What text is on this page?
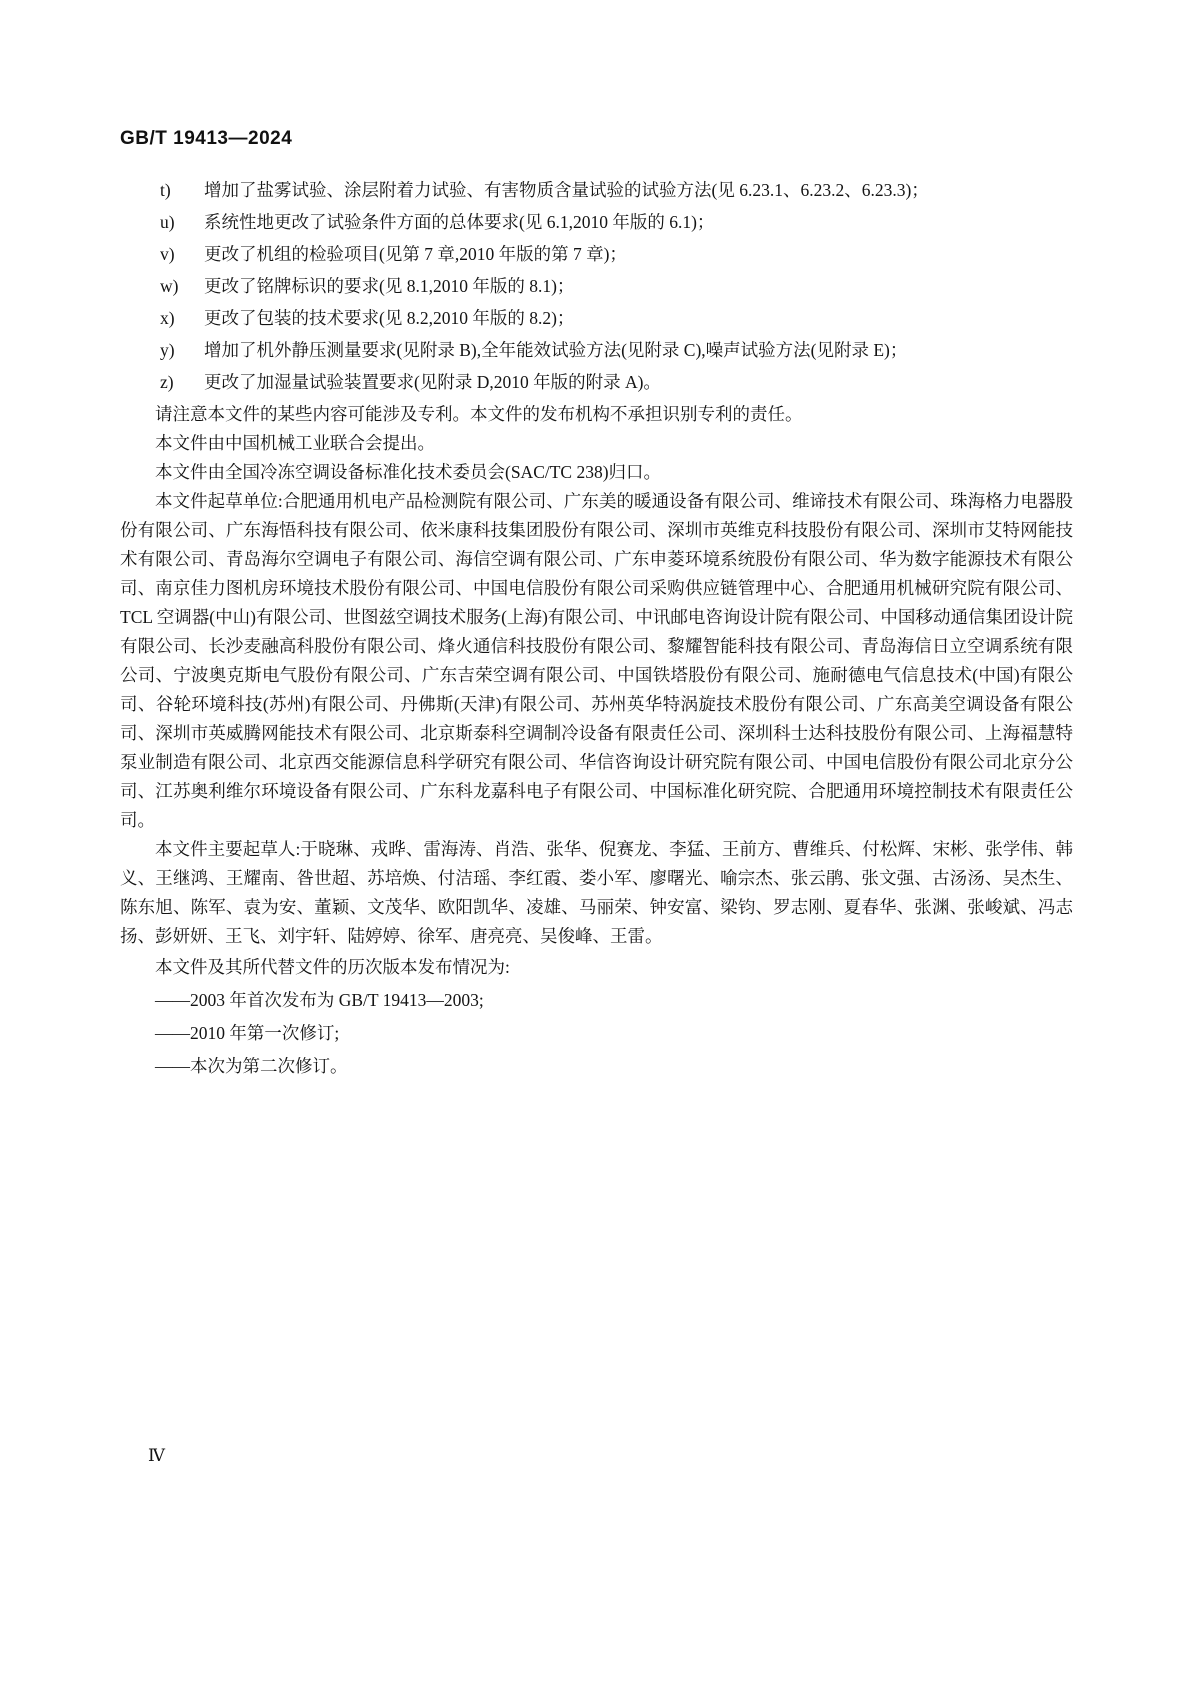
GB/T 19413—2024
t)	增加了盐雾试验、涂层附着力试验、有害物质含量试验的试验方法(见 6.23.1、6.23.2、6.23.3)；
u)	系统性地更改了试验条件方面的总体要求(见 6.1,2010 年版的 6.1)；
v)	更改了机组的检验项目(见第 7 章,2010 年版的第 7 章)；
w)	更改了铭牌标识的要求(见 8.1,2010 年版的 8.1)；
x)	更改了包装的技术要求(见 8.2,2010 年版的 8.2)；
y)	增加了机外静压测量要求(见附录 B),全年能效试验方法(见附录 C),噪声试验方法(见附录 E)；
z)	更改了加湿量试验装置要求(见附录 D,2010 年版的附录 A)。

请注意本文件的某些内容可能涉及专利。本文件的发布机构不承担识别专利的责任。

本文件由中国机械工业联合会提出。

本文件由全国冷冻空调设备标准化技术委员会(SAC/TC 238)归口。

本文件起草单位:合肥通用机电产品检测院有限公司、广东美的暖通设备有限公司、维谛技术有限公司、珠海格力电器股份有限公司、广东海悟科技有限公司、依米康科技集团股份有限公司、深圳市英维克科技股份有限公司、深圳市艾特网能技术有限公司、青岛海尔空调电子有限公司、海信空调有限公司、广东申菱环境系统股份有限公司、华为数字能源技术有限公司、南京佳力图机房环境技术股份有限公司、中国电信股份有限公司采购供应链管理中心、合肥通用机械研究院有限公司、TCL 空调器(中山)有限公司、世图兹空调技术服务(上海)有限公司、中讯邮电咨询设计院有限公司、中国移动通信集团设计院有限公司、长沙麦融高科股份有限公司、烽火通信科技股份有限公司、黎耀智能科技有限公司、青岛海信日立空调系统有限公司、宁波奥克斯电气股份有限公司、广东吉荣空调有限公司、中国铁塔股份有限公司、施耐德电气信息技术(中国)有限公司、谷轮环境科技(苏州)有限公司、丹佛斯(天津)有限公司、苏州英华特涡旋技术股份有限公司、广东高美空调设备有限公司、深圳市英威腾网能技术有限公司、北京斯泰科空调制冷设备有限责任公司、深圳科士达科技股份有限公司、上海福慧特泵业制造有限公司、北京西交能源信息科学研究有限公司、华信咨询设计研究院有限公司、中国电信股份有限公司北京分公司、江苏奥利维尔环境设备有限公司、广东科龙嘉科电子有限公司、中国标准化研究院、合肥通用环境控制技术有限责任公司。

本文件主要起草人:于晓琳、戎晔、雷海涛、肖浩、张华、倪赛龙、李猛、王前方、曹维兵、付松辉、宋彬、张学伟、韩义、王继鸿、王耀南、昝世超、苏培焕、付洁瑶、李红霞、娄小军、廖曙光、喻宗杰、张云鹃、张文强、古汤汤、吴杰生、陈东旭、陈军、袁为安、董颖、文茂华、欧阳凯华、凌雄、马丽荣、钟安富、梁钧、罗志刚、夏春华、张渊、张峻斌、冯志扬、彭妍妍、王飞、刘宇轩、陆婷婷、徐军、唐亮亮、吴俊峰、王雷。

本文件及其所代替文件的历次版本发布情况为:

——2003 年首次发布为 GB/T 19413—2003;

——2010 年第一次修订;

——本次为第二次修订。

Ⅳ
